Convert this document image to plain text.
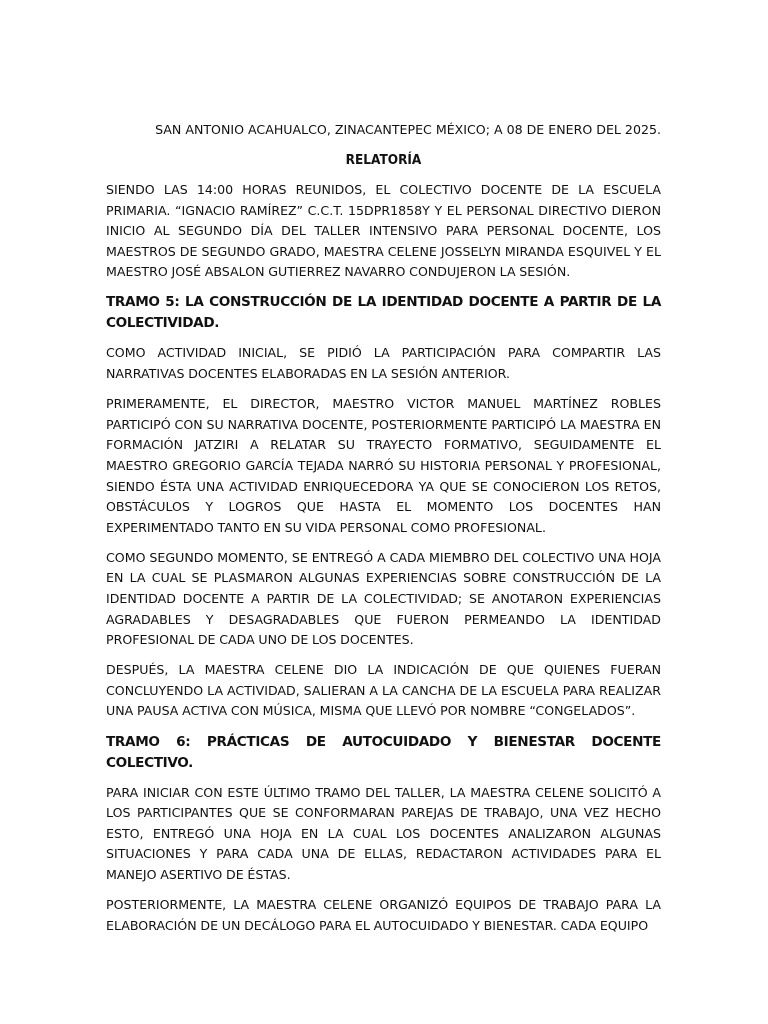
SAN ANTONIO ACAHUALCO, ZINACANTEPEC MÉXICO; A 08 DE ENERO DEL 2025.

RELATORÍA

SIENDO LAS 14:00 HORAS REUNIDOS, EL COLECTIVO DOCENTE DE LA ESCUELA PRIMARIA. “IGNACIO RAMÍREZ” C.C.T. 15DPR1858Y Y EL PERSONAL DIRECTIVO DIERON INICIO AL SEGUNDO DÍA DEL TALLER INTENSIVO PARA PERSONAL DOCENTE, LOS MAESTROS DE SEGUNDO GRADO, MAESTRA CELENE JOSSELYN MIRANDA ESQUIVEL Y EL MAESTRO JOSÉ ABSALON GUTIERREZ NAVARRO CONDUJERON LA SESIÓN.

TRAMO 5: LA CONSTRUCCIÓN DE LA IDENTIDAD DOCENTE A PARTIR DE LA COLECTIVIDAD.

COMO ACTIVIDAD INICIAL, SE PIDIÓ LA PARTICIPACIÓN PARA COMPARTIR LAS NARRATIVAS DOCENTES ELABORADAS EN LA SESIÓN ANTERIOR.

PRIMERAMENTE, EL DIRECTOR, MAESTRO VICTOR MANUEL MARTÍNEZ ROBLES PARTICIPÓ CON SU NARRATIVA DOCENTE, POSTERIORMENTE PARTICIPÓ LA MAESTRA EN FORMACIÓN JATZIRI A RELATAR SU TRAYECTO FORMATIVO, SEGUIDAMENTE EL MAESTRO GREGORIO GARCÍA TEJADA NARRÓ SU HISTORIA PERSONAL Y PROFESIONAL, SIENDO ÉSTA UNA ACTIVIDAD ENRIQUECEDORA YA QUE SE CONOCIERON LOS RETOS, OBSTÁCULOS Y LOGROS QUE HASTA EL MOMENTO LOS DOCENTES HAN EXPERIMENTADO TANTO EN SU VIDA PERSONAL COMO PROFESIONAL.

COMO SEGUNDO MOMENTO, SE ENTREGÓ A CADA MIEMBRO DEL COLECTIVO UNA HOJA EN LA CUAL SE PLASMARON ALGUNAS EXPERIENCIAS SOBRE CONSTRUCCIÓN DE LA IDENTIDAD DOCENTE A PARTIR DE LA COLECTIVIDAD; SE ANOTARON EXPERIENCIAS AGRADABLES Y DESAGRADABLES QUE FUERON PERMEANDO LA IDENTIDAD PROFESIONAL DE CADA UNO DE LOS DOCENTES.

DESPUÉS, LA MAESTRA CELENE DIO LA INDICACIÓN DE QUE QUIENES FUERAN CONCLUYENDO LA ACTIVIDAD, SALIERAN A LA CANCHA DE LA ESCUELA PARA REALIZAR UNA PAUSA ACTIVA CON MÚSICA, MISMA QUE LLEVÓ POR NOMBRE “CONGELADOS”.

TRAMO 6: PRÁCTICAS DE AUTOCUIDADO Y BIENESTAR DOCENTE COLECTIVO.

PARA INICIAR CON ESTE ÚLTIMO TRAMO DEL TALLER, LA MAESTRA CELENE SOLICITÓ A LOS PARTICIPANTES QUE SE CONFORMARAN PAREJAS DE TRABAJO, UNA VEZ HECHO ESTO, ENTREGÓ UNA HOJA EN LA CUAL LOS DOCENTES ANALIZARON ALGUNAS SITUACIONES Y PARA CADA UNA DE ELLAS, REDACTARON ACTIVIDADES PARA EL MANEJO ASERTIVO DE ÉSTAS.

POSTERIORMENTE, LA MAESTRA CELENE ORGANIZÓ EQUIPOS DE TRABAJO PARA LA ELABORACIÓN DE UN DECÁLOGO PARA EL AUTOCUIDADO Y BIENESTAR. CADA EQUIPO
